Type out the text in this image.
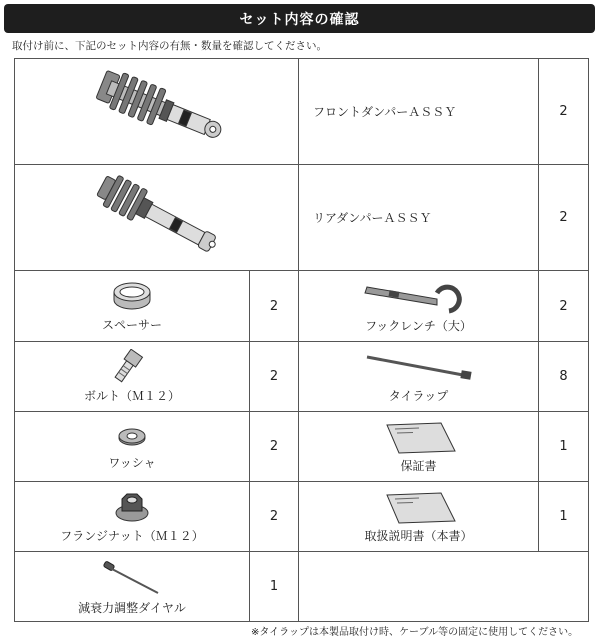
セット内容の確認
取付け前に、下記のセット内容の有無・数量を確認してください。
	フロントダンパーＡＳＳＹ	2
	リアダンパーＡＳＳＹ	2

スペーサー	2	フックレンチ（大）	2

ボルト（Ｍ１２）	2	タイラップ	8

ワッシャ	2	保証書	1

フランジナット（Ｍ１２）	2	取扱説明書（本書）	1

減衰力調整ダイヤル	1		
※タイラップは本製品取付け時、ケーブル等の固定に使用してください。
